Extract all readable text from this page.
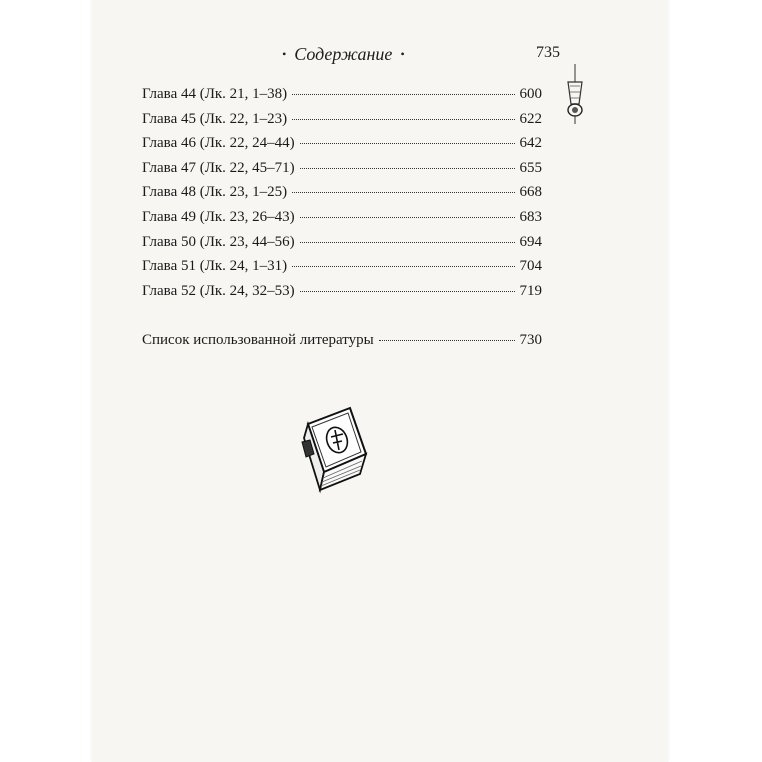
• Содержание •	735
Глава 44 (Лк. 21, 1–38)	600
Глава 45 (Лк. 22, 1–23)	622
Глава 46 (Лк. 22, 24–44)	642
Глава 47 (Лк. 22, 45–71)	655
Глава 48 (Лк. 23, 1–25)	668
Глава 49 (Лк. 23, 26–43)	683
Глава 50 (Лк. 23, 44–56)	694
Глава 51 (Лк. 24, 1–31)	704
Глава 52 (Лк. 24, 32–53)	719
Список использованной литературы	730
